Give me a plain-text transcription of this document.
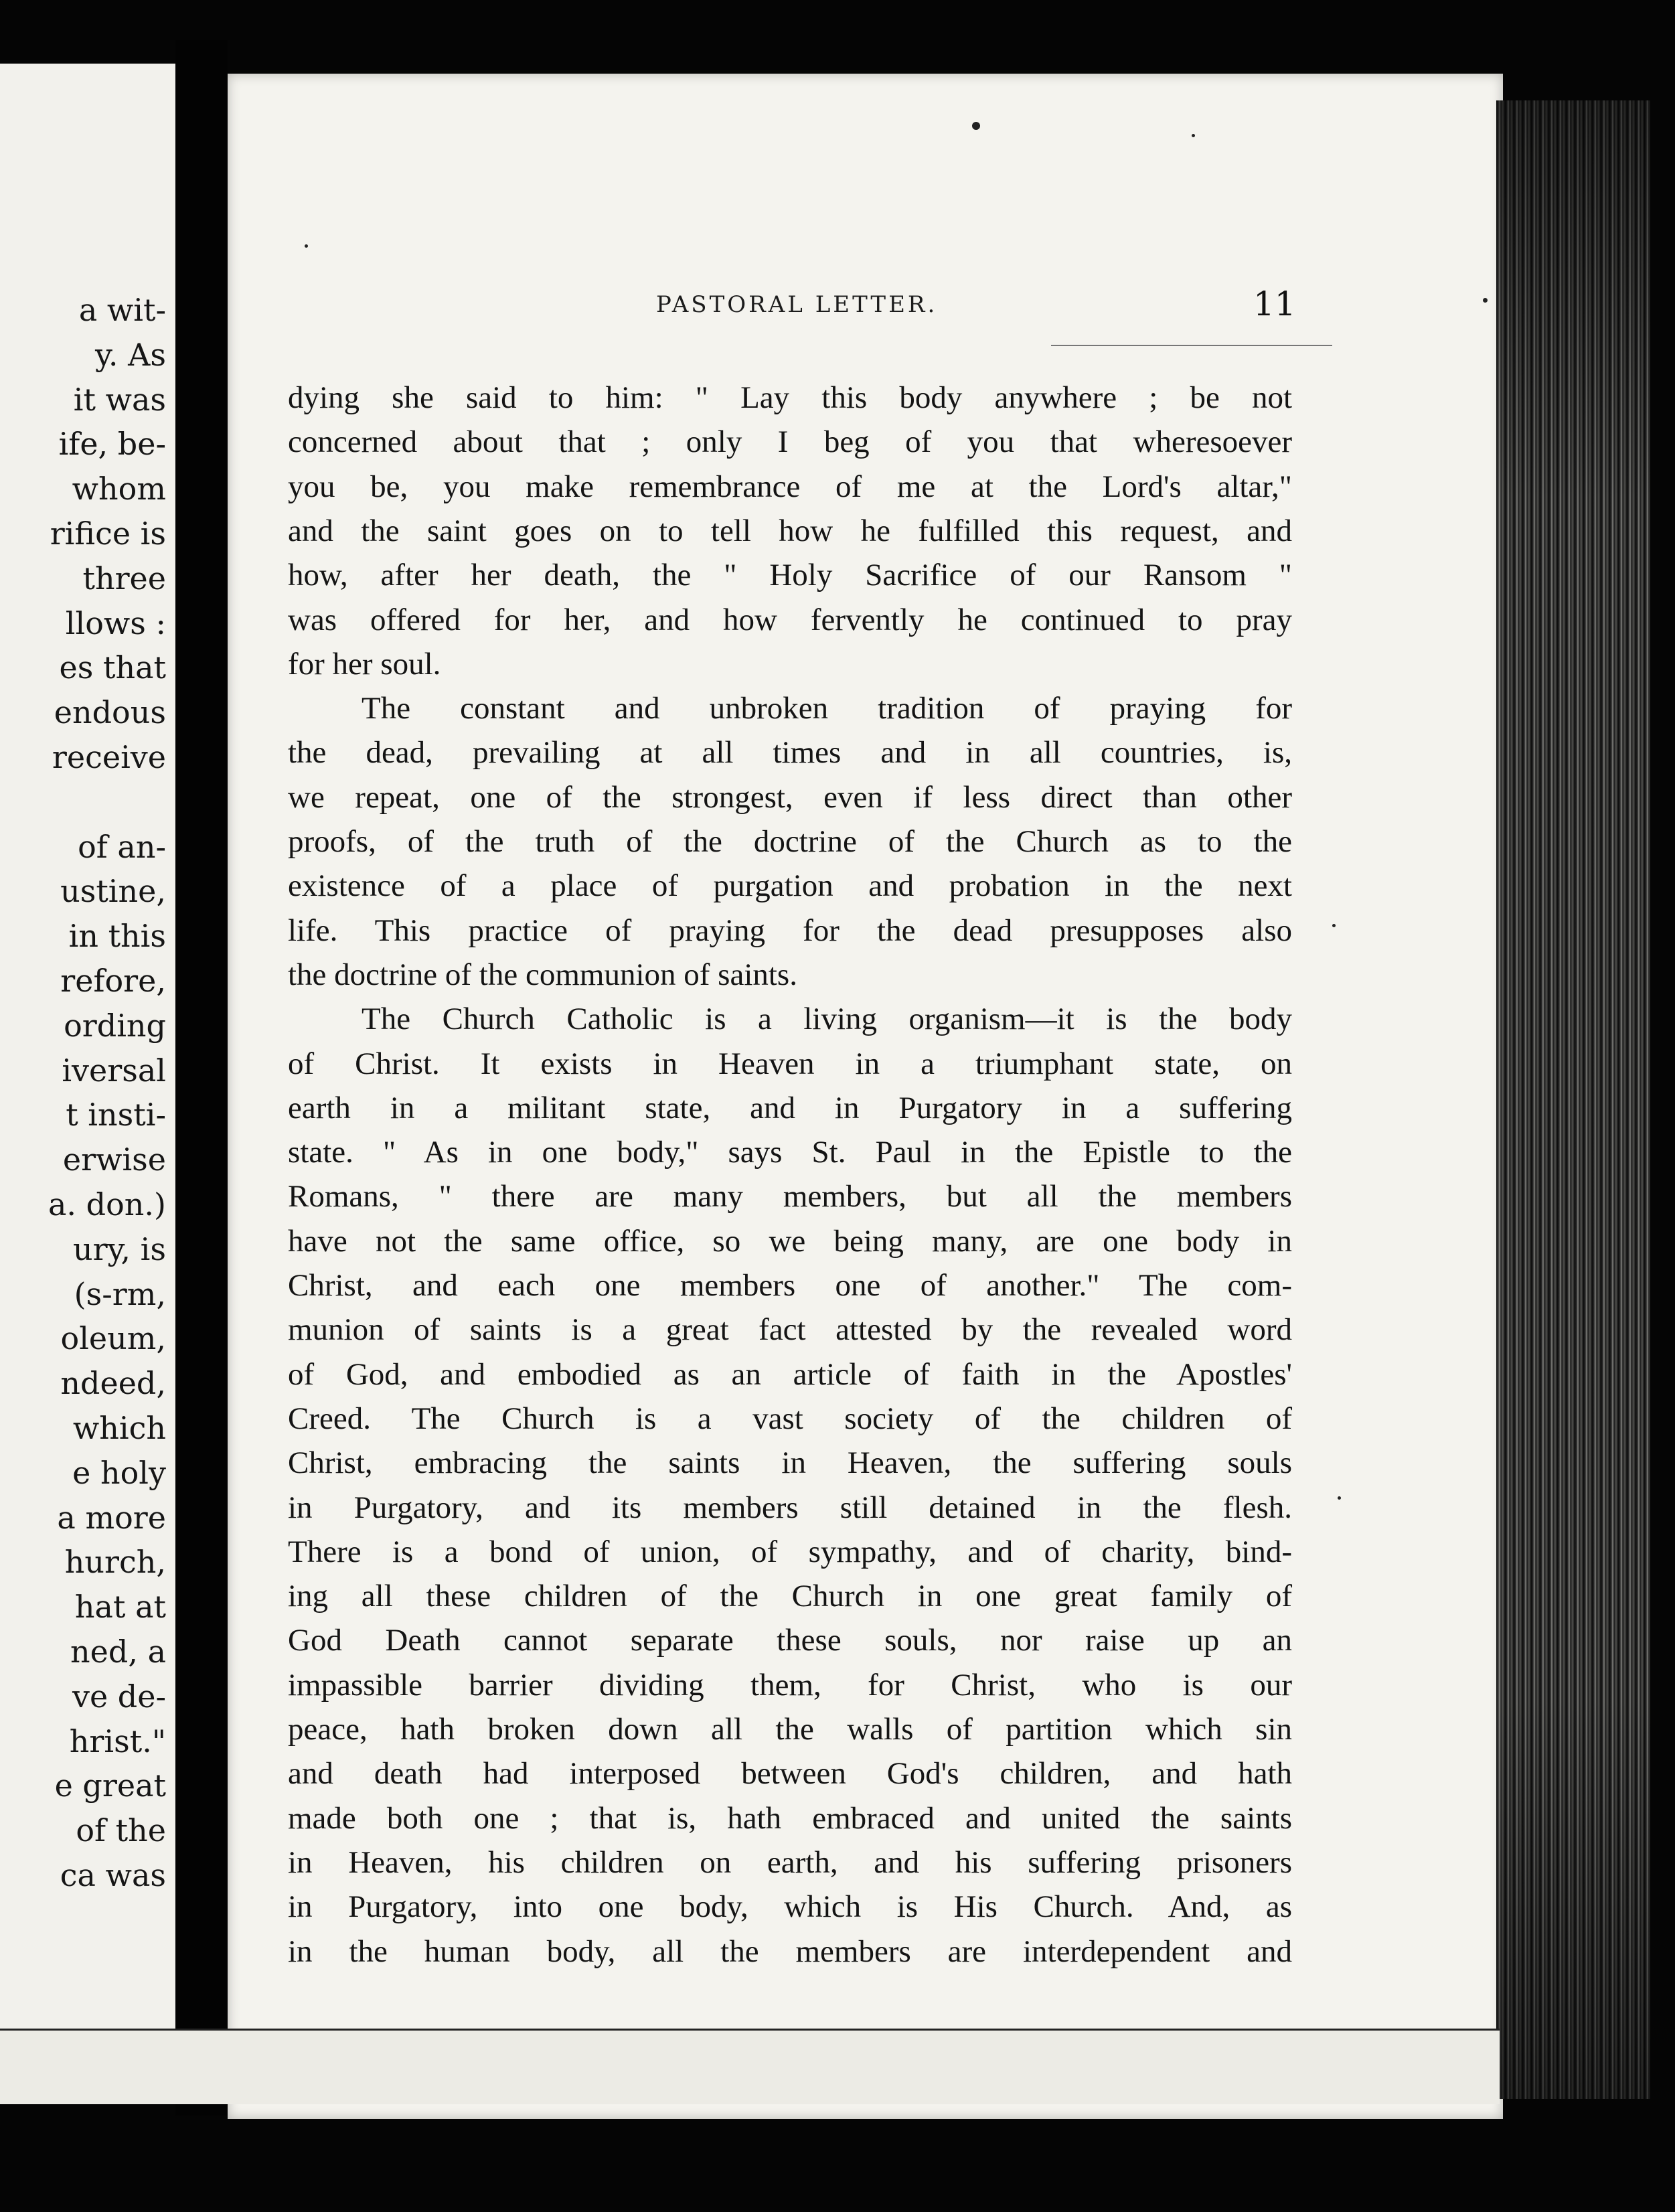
a wit-
y. As
it was
ife, be-
whom
rifice is
three
llows :
es that
endous
receive
of an-
ustine,
in this
refore,
ording
iversal
t insti-
erwise
a. don.)
ury, is
(s-rm,
oleum,
ndeed,
which
e holy
a more
hurch,
hat at
ned, a
ve de-
hrist."
e great
of the
ca was
PASTORAL LETTER.	11
dying she said to him: " Lay this body anywhere ; be not
concerned about that ; only I beg of you that wheresoever
you be, you make remembrance of me at the Lord's altar,"
and the saint goes on to tell how he fulfilled this request, and
how, after her death, the " Holy Sacrifice of our Ransom "
was offered for her, and how fervently he continued to pray
for her soul.
The constant and unbroken tradition of praying for
the dead, prevailing at all times and in all countries, is,
we repeat, one of the strongest, even if less direct than other
proofs, of the truth of the doctrine of the Church as to the
existence of a place of purgation and probation in the next
life. This practice of praying for the dead presupposes also
the doctrine of the communion of saints.
The Church Catholic is a living organism—it is the body
of Christ. It exists in Heaven in a triumphant state, on
earth in a militant state, and in Purgatory in a suffering
state. " As in one body," says St. Paul in the Epistle to the
Romans, " there are many members, but all the members
have not the same office, so we being many, are one body in
Christ, and each one members one of another." The com-
munion of saints is a great fact attested by the revealed word
of God, and embodied as an article of faith in the Apostles'
Creed. The Church is a vast society of the children of
Christ, embracing the saints in Heaven, the suffering souls
in Purgatory, and its members still detained in the flesh.
There is a bond of union, of sympathy, and of charity, bind-
ing all these children of the Church in one great family of
God Death cannot separate these souls, nor raise up an
impassible barrier dividing them, for Christ, who is our
peace, hath broken down all the walls of partition which sin
and death had interposed between God's children, and hath
made both one ; that is, hath embraced and united the saints
in Heaven, his children on earth, and his suffering prisoners
in Purgatory, into one body, which is His Church. And, as
in the human body, all the members are interdependent and
